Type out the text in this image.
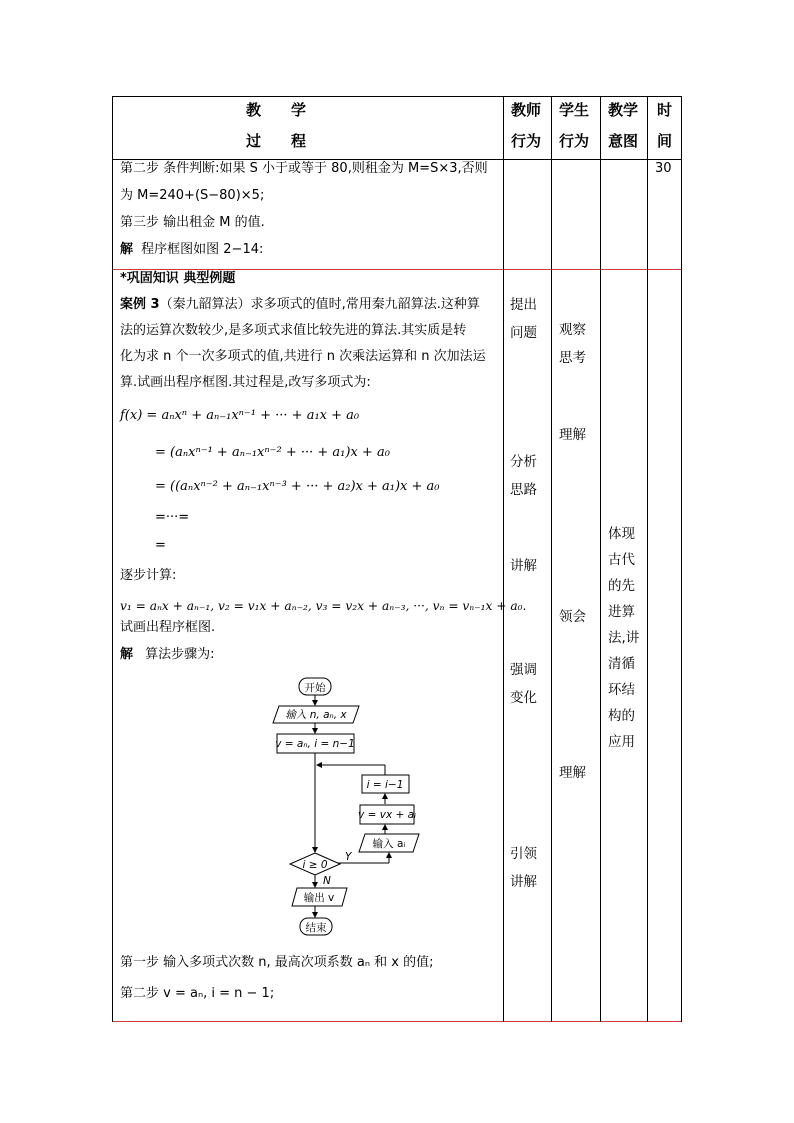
教　　学
过　　程
教师
行为
学生
行为
教学
意图
时
间
第二步 条件判断:如果 S 小于或等于 80,则租金为 M=S×3,否则
为 M=240+(S−80)×5;
第三步 输出租金 M 的值.
解 程序框图如图 2−14:
30
*巩固知识 典型例题
案例 3（秦九韶算法）求多项式的值时,常用秦九韶算法.这种算
法的运算次数较少,是多项式求值比较先进的算法.其实质是转
化为求 n 个一次多项式的值,共进行 n 次乘法运算和 n 次加法运
算.试画出程序框图.其过程是,改写多项式为:
f(x) = aₙxⁿ + aₙ₋₁xⁿ⁻¹ + ··· + a₁x + a₀
= (aₙxⁿ⁻¹ + aₙ₋₁xⁿ⁻² + ··· + a₁)x + a₀
= ((aₙxⁿ⁻² + aₙ₋₁xⁿ⁻³ + ··· + a₂)x + a₁)x + a₀
=···=
=
逐步计算:
v₁ = aₙx + aₙ₋₁, v₂ = v₁x + aₙ₋₂, v₃ = v₂x + aₙ₋₃, ···, vₙ = vₙ₋₁x + a₀.
试画出程序框图.
解 算法步骤为:
开始
输入 n, aₙ, x
v = aₙ, i = n−1
i = i−1
v = vx + aᵢ
输入 aᵢ
Y
i ≥ 0
N
输出 v
结束
第一步 输入多项式次数 n, 最高次项系数 aₙ 和 x 的值;
第二步 v = aₙ, i = n − 1;
提出
问题
分析
思路
讲解
强调
变化
引领
讲解
观察
思考
理解
领会
理解
体现
古代
的先
进算
法,讲
清循
环结
构的
应用
